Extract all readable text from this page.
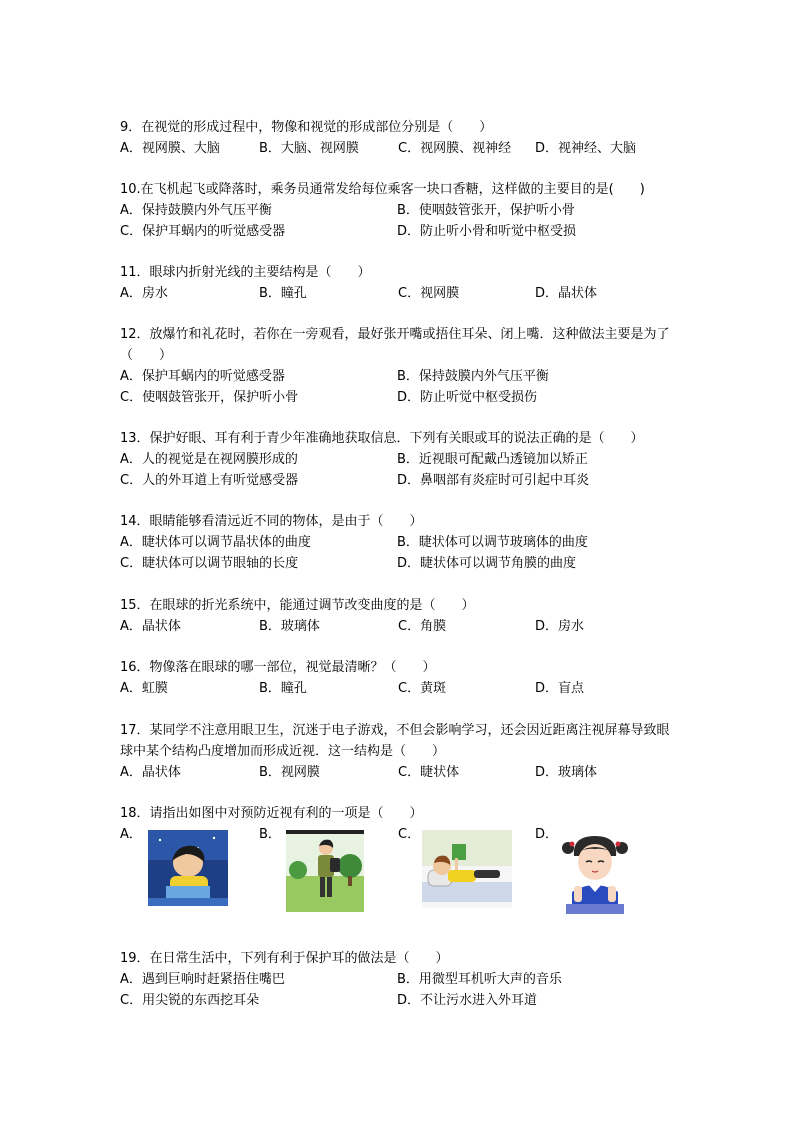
9．在视觉的形成过程中，物像和视觉的形成部位分别是（　　）
A．视网膜、大脑	B．大脑、视网膜	C．视网膜、视神经 D．视神经、大脑
10.在飞机起飞或降落时，乘务员通常发给每位乘客一块口香糖，这样做的主要目的是(　　)
A．保持鼓膜内外气压平衡	B．使咽鼓管张开，保护听小骨
C．保护耳蜗内的听觉感受器	D．防止听小骨和听觉中枢受损
11．眼球内折射光线的主要结构是（　　）
A．房水	B．瞳孔	C．视网膜	D．晶状体
12．放爆竹和礼花时，若你在一旁观看，最好张开嘴或捂住耳朵、闭上嘴．这种做法主要是为了（　　）
A．保护耳蜗内的听觉感受器	B．保持鼓膜内外气压平衡
C．使咽鼓管张开，保护听小骨	D．防止听觉中枢受损伤
13．保护好眼、耳有利于青少年准确地获取信息．下列有关眼或耳的说法正确的是（　　）
A．人的视觉是在视网膜形成的	B．近视眼可配戴凸透镜加以矫正
C．人的外耳道上有听觉感受器	D．鼻咽部有炎症时可引起中耳炎
14．眼睛能够看清远近不同的物体，是由于（　　）
A．睫状体可以调节晶状体的曲度	B．睫状体可以调节玻璃体的曲度
C．睫状体可以调节眼轴的长度	D．睫状体可以调节角膜的曲度
15．在眼球的折光系统中，能通过调节改变曲度的是（　　）
A．晶状体	B．玻璃体	C．角膜	D．房水
16．物像落在眼球的哪一部位，视觉最清晰？（　　）
A．虹膜	B．瞳孔	C．黄斑	D．盲点
17．某同学不注意用眼卫生，沉迷于电子游戏，不但会影响学习，还会因近距离注视屏幕导致眼球中某个结构凸度增加而形成近视．这一结构是（　　）
A．晶状体	B．视网膜	C．睫状体	D．玻璃体
18．请指出如图中对预防近视有利的一项是（　　）
A．	B．	C．	D．
19．在日常生活中，下列有利于保护耳的做法是（　　）
A．遇到巨响时赶紧捂住嘴巴	B．用微型耳机听大声的音乐
C．用尖锐的东西挖耳朵	D．不让污水进入外耳道
